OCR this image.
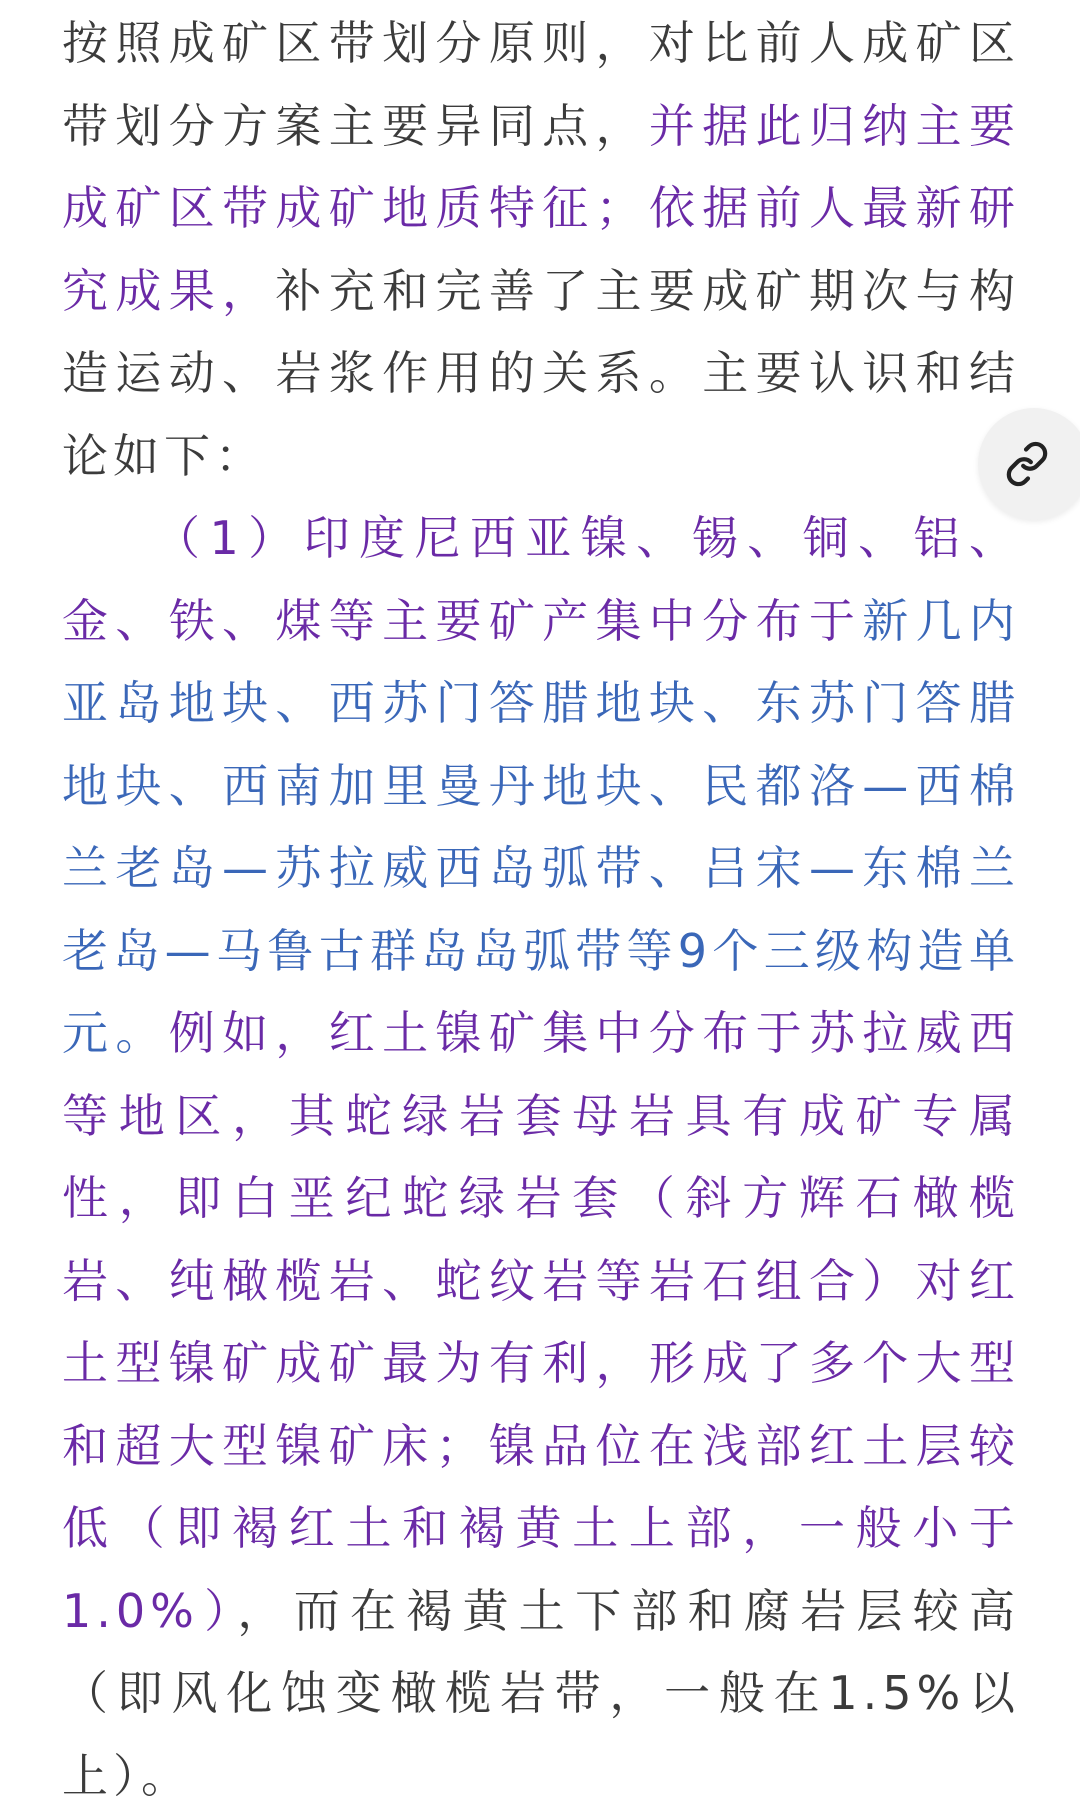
按照成矿区带划分原则，对比前人成矿区带划分方案主要异同点，并据此归纳主要成矿区带成矿地质特征；依据前人最新研究成果，补充和完善了主要成矿期次与构造运动、岩浆作用的关系。主要认识和结论如下：

（1）印度尼西亚镍、锡、铜、铝、金、铁、煤等主要矿产集中分布于新几内亚岛地块、西苏门答腊地块、东苏门答腊地块、西南加里曼丹地块、民都洛—西棉兰老岛—苏拉威西岛弧带、吕宋—东棉兰老岛—马鲁古群岛岛弧带等9个三级构造单元。例如，红土镍矿集中分布于苏拉威西等地区，其蛇绿岩套母岩具有成矿专属性，即白垩纪蛇绿岩套（斜方辉石橄榄岩、纯橄榄岩、蛇纹岩等岩石组合）对红土型镍矿成矿最为有利，形成了多个大型和超大型镍矿床；镍品位在浅部红土层较低（即褐红土和褐黄土上部，一般小于1.0%），而在褐黄土下部和腐岩层较高（即风化蚀变橄榄岩带，一般在1.5%以上）。
